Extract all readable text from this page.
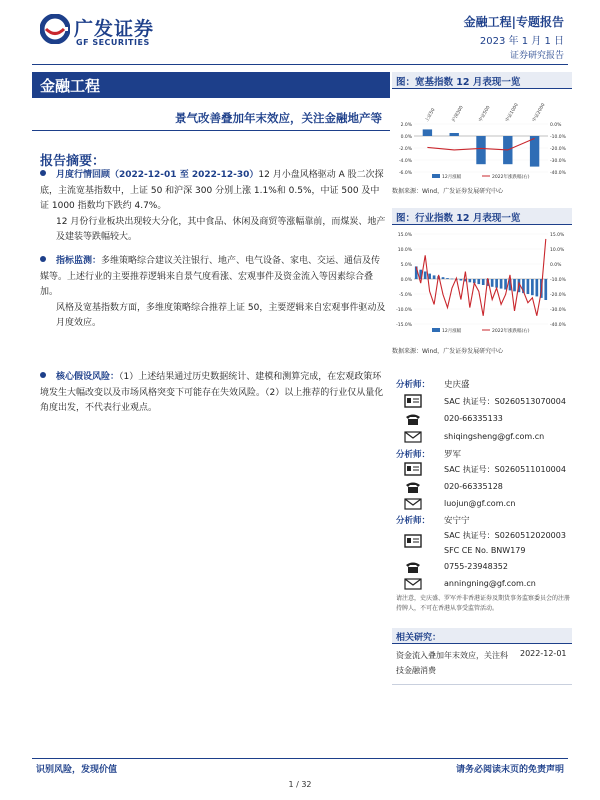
广发证券
GF SECURITIES
金融工程|专题报告
2023 年 1 月 1 日
证券研究报告
金融工程
景气改善叠加年末效应，关注金融地产等
报告摘要：
月度行情回顾（2022-12-01 至 2022-12-30）12 月小盘风格驱动 A 股二次探底，主流宽基指数中，上证 50 和沪深 300 分别上涨 1.1%和 0.5%，中证 500 及中证 1000 指数均下跌约 4.7%。
12 月份行业板块出现较大分化，其中食品、休闲及商贸等涨幅靠前，而煤炭、地产及建装等跌幅较大。
指标监测：多维策略综合建议关注银行、地产、电气设备、家电、交运、通信及传媒等。上述行业的主要推荐逻辑来自景气度看涨、宏观事件及资金流入等因素综合叠加。
风格及宽基指数方面，多维度策略综合推荐上证 50，主要逻辑来自宏观事件驱动及月度效应。
核心假设风险：（1）上述结果通过历史数据统计、建模和测算完成，在宏观政策环境发生大幅改变以及市场风格突变下可能存在失效风险。（2）以上推荐的行业仅从量化角度出发，不代表行业观点。
图：宽基指数 12 月表现一览
2.0%
0.0%
-2.0%
-4.0%
-6.0%
0.0%
-10.0%
-20.0%
-30.0%
-40.0%
上证50	沪深300	中证500	中证1000	中证2000
12月涨幅	2022年涨跌幅(右)
数据来源：Wind，广发证券发展研究中心
图：行业指数 12 月表现一览
15.0%
10.0%
5.0%
0.0%
-5.0%
-10.0%
-15.0%
15.0%
10.0%
0.0%
-10.0%
-20.0%
-30.0%
-40.0%
12月涨幅	2022年涨跌幅(右)
数据来源：Wind，广发证券发展研究中心
分析师： 史庆盛
SAC 执证号：S0260513070004
020-66335133
shiqingsheng@gf.com.cn
分析师： 罗军
SAC 执证号：S0260511010004
020-66335128
luojun@gf.com.cn
分析师： 安宁宁
SAC 执证号：S0260512020003
SFC CE No. BNW179
0755-23948352
anningning@gf.com.cn
请注意，史庆盛、罗军并非香港证券及期货事务监察委员会的注册持牌人，不可在香港从事受监管活动。
相关研究：
资金流入叠加年末效应，关注科技金融消费
2022-12-01
识别风险，发现价值	请务必阅读末页的免责声明
1 / 32
